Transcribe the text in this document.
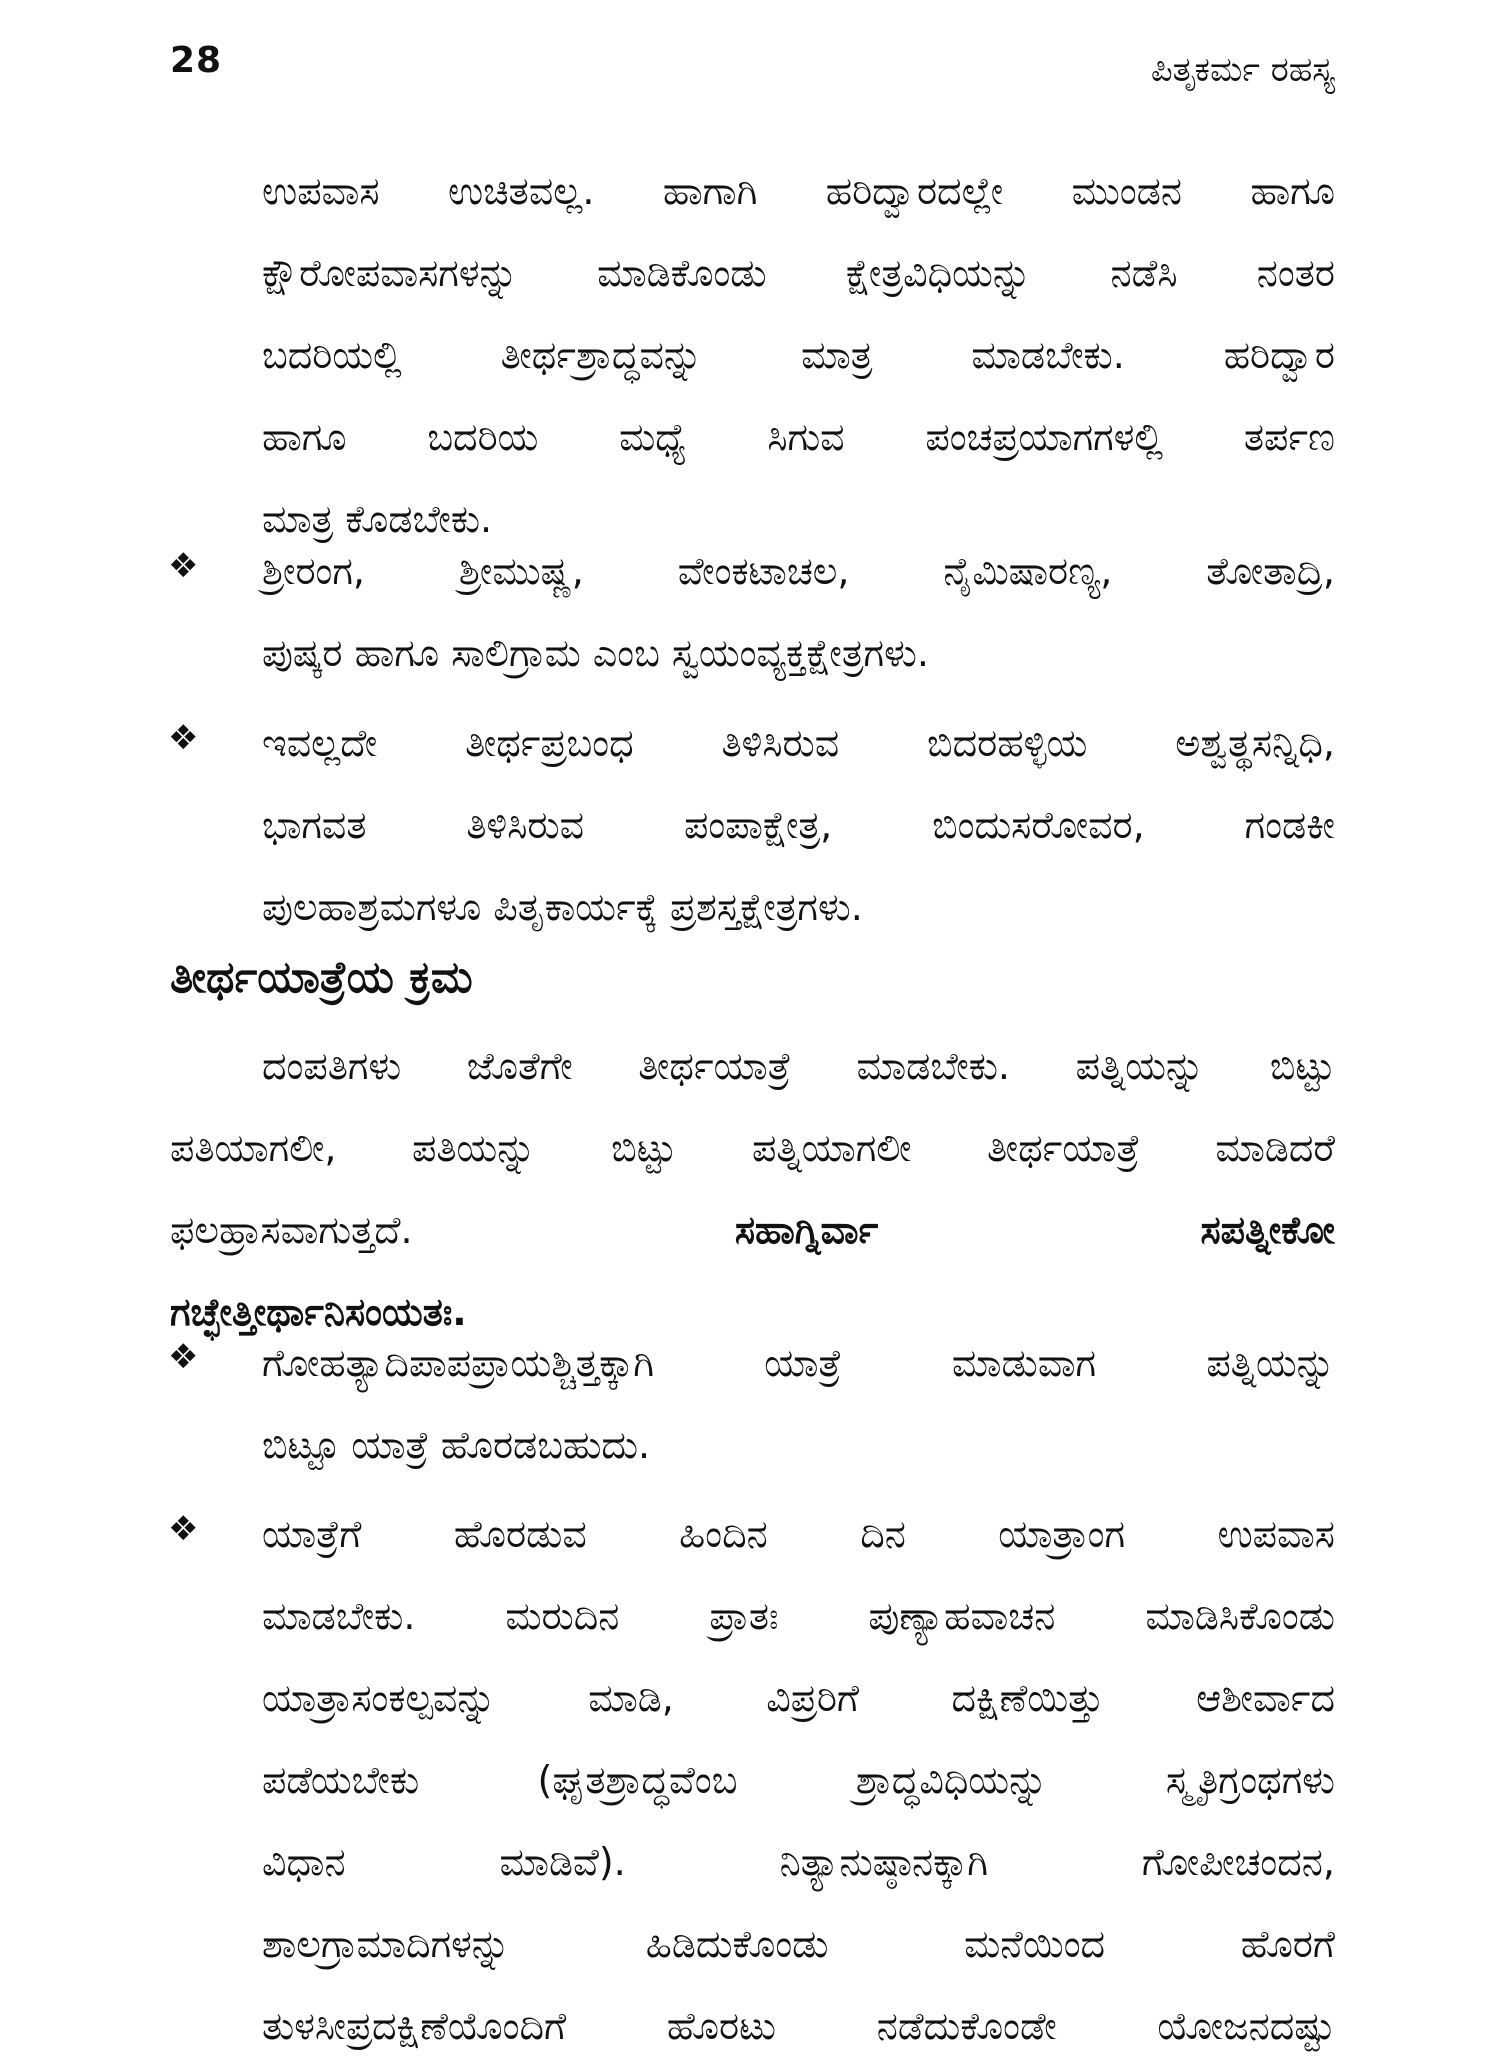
28	ಪಿತೃಕರ್ಮ ರಹಸ್ಯ
ಉಪವಾಸ ಉಚಿತವಲ್ಲ. ಹಾಗಾಗಿ ಹರಿದ್ವಾರದಲ್ಲೇ ಮುಂಡನ ಹಾಗೂ
ಕ್ಷೌರೋಪವಾಸಗಳನ್ನು ಮಾಡಿಕೊಂಡು ಕ್ಷೇತ್ರವಿಧಿಯನ್ನು ನಡೆಸಿ ನಂತರ
ಬದರಿಯಲ್ಲಿ ತೀರ್ಥಶ್ರಾದ್ಧವನ್ನು ಮಾತ್ರ ಮಾಡಬೇಕು. ಹರಿದ್ವಾರ
ಹಾಗೂ ಬದರಿಯ ಮಧ್ಯೆ ಸಿಗುವ ಪಂಚಪ್ರಯಾಗಗಳಲ್ಲಿ ತರ್ಪಣ
ಮಾತ್ರ ಕೊಡಬೇಕು.
❖ ಶ್ರೀರಂಗ, ಶ್ರೀಮುಷ್ಣ, ವೇಂಕಟಾಚಲ, ನೈಮಿಷಾರಣ್ಯ, ತೋತಾದ್ರಿ,
ಪುಷ್ಕರ ಹಾಗೂ ಸಾಲಿಗ್ರಾಮ ಎಂಬ ಸ್ವಯಂವ್ಯಕ್ತಕ್ಷೇತ್ರಗಳು.
❖ ಇವಲ್ಲದೇ ತೀರ್ಥಪ್ರಬಂಧ ತಿಳಿಸಿರುವ ಬಿದರಹಳ್ಳಿಯ ಅಶ್ವತ್ಥಸನ್ನಿಧಿ,
ಭಾಗವತ ತಿಳಿಸಿರುವ ಪಂಪಾಕ್ಷೇತ್ರ, ಬಿಂದುಸರೋವರ, ಗಂಡಕೀ
ಪುಲಹಾಶ್ರಮಗಳೂ ಪಿತೃಕಾರ್ಯಕ್ಕೆ ಪ್ರಶಸ್ತಕ್ಷೇತ್ರಗಳು.
ತೀರ್ಥಯಾತ್ರೆಯ ಕ್ರಮ
ದಂಪತಿಗಳು ಜೊತೆಗೇ ತೀರ್ಥಯಾತ್ರೆ ಮಾಡಬೇಕು. ಪತ್ನಿಯನ್ನು ಬಿಟ್ಟು
ಪತಿಯಾಗಲೀ, ಪತಿಯನ್ನು ಬಿಟ್ಟು ಪತ್ನಿಯಾಗಲೀ ತೀರ್ಥಯಾತ್ರೆ ಮಾಡಿದರೆ
ಫಲಹ್ರಾಸವಾಗುತ್ತದೆ.	ಸಹಾಗ್ನಿರ್ವಾ	ಸಪತ್ನೀಕೋ
ಗಚ್ಛೇತ್ತೀರ್ಥಾನಿಸಂಯತಃ.
❖ ಗೋಹತ್ಯಾದಿಪಾಪಪ್ರಾಯಶ್ಚಿತ್ತಕ್ಕಾಗಿ ಯಾತ್ರೆ ಮಾಡುವಾಗ ಪತ್ನಿಯನ್ನು
ಬಿಟ್ಟೂ ಯಾತ್ರೆ ಹೊರಡಬಹುದು.
❖ ಯಾತ್ರೆಗೆ ಹೊರಡುವ ಹಿಂದಿನ ದಿನ ಯಾತ್ರಾಂಗ ಉಪವಾಸ
ಮಾಡಬೇಕು. ಮರುದಿನ ಪ್ರಾತಃ ಪುಣ್ಯಾಹವಾಚನ ಮಾಡಿಸಿಕೊಂಡು
ಯಾತ್ರಾಸಂಕಲ್ಪವನ್ನು ಮಾಡಿ, ವಿಪ್ರರಿಗೆ ದಕ್ಷಿಣೆಯಿತ್ತು ಆಶೀರ್ವಾದ
ಪಡೆಯಬೇಕು (ಘೃತಶ್ರಾದ್ಧವೆಂಬ ಶ್ರಾದ್ಧವಿಧಿಯನ್ನು ಸ್ಮೃತಿಗ್ರಂಥಗಳು
ವಿಧಾನ ಮಾಡಿವೆ). ನಿತ್ಯಾನುಷ್ಠಾನಕ್ಕಾಗಿ ಗೋಪೀಚಂದನ,
ಶಾಲಗ್ರಾಮಾದಿಗಳನ್ನು ಹಿಡಿದುಕೊಂಡು ಮನೆಯಿಂದ ಹೊರಗೆ
ತುಳಸೀಪ್ರದಕ್ಷಿಣೆಯೊಂದಿಗೆ ಹೊರಟು ನಡೆದುಕೊಂಡೇ ಯೋಜನದಷ್ಟು
